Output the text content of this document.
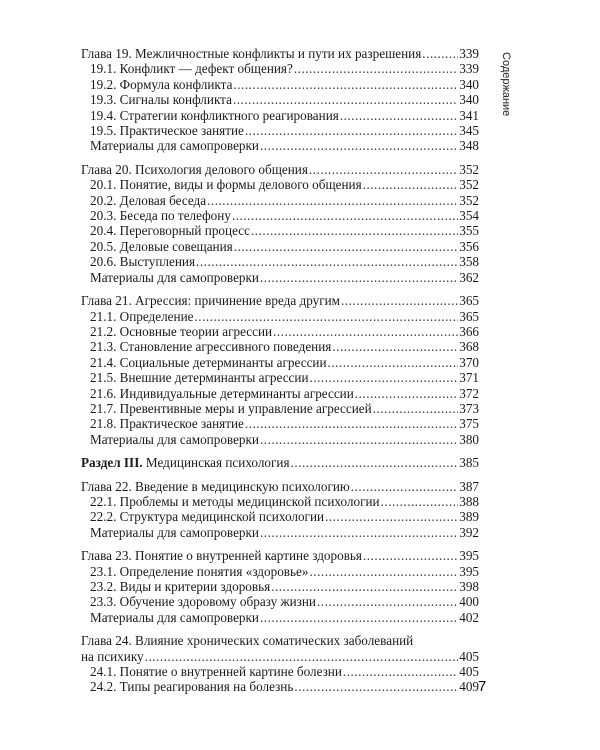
Глава 19. Межличностные конфликты и пути их разрешения .....	339
19.1. Конфликт — дефект общения? .....	339
19.2. Формула конфликта .....	340
19.3. Сигналы конфликта .....	340
19.4. Стратегии конфликтного реагирования .....	341
19.5. Практическое занятие .....	345
Материалы для самопроверки .....	348
Глава 20. Психология делового общения .....	352
20.1. Понятие, виды и формы делового общения .....	352
20.2. Деловая беседа .....	352
20.3. Беседа по телефону .....	354
20.4. Переговорный процесс .....	355
20.5. Деловые совещания .....	356
20.6. Выступления .....	358
Материалы для самопроверки .....	362
Глава 21. Агрессия: причинение вреда другим .....	365
21.1. Определение .....	365
21.2. Основные теории агрессии .....	366
21.3. Становление агрессивного поведения .....	368
21.4. Социальные детерминанты агрессии .....	370
21.5. Внешние детерминанты агрессии .....	371
21.6. Индивидуальные детерминанты агрессии .....	372
21.7. Превентивные меры и управление агрессией .....	373
21.8. Практическое занятие .....	375
Материалы для самопроверки .....	380
Раздел III. Медицинская психология .....	385
Глава 22. Введение в медицинскую психологию .....	387
22.1. Проблемы и методы медицинской психологии .....	388
22.2. Структура медицинской психологии .....	389
Материалы для самопроверки .....	392
Глава 23. Понятие о внутренней картине здоровья .....	395
23.1. Определение понятия «здоровье» .....	395
23.2. Виды и критерии здоровья .....	398
23.3. Обучение здоровому образу жизни .....	400
Материалы для самопроверки .....	402
Глава 24. Влияние хронических соматических заболеваний
на психику .....	405
24.1. Понятие о внутренней картине болезни .....	405
24.2. Типы реагирования на болезнь .....	409
Содержание
7
